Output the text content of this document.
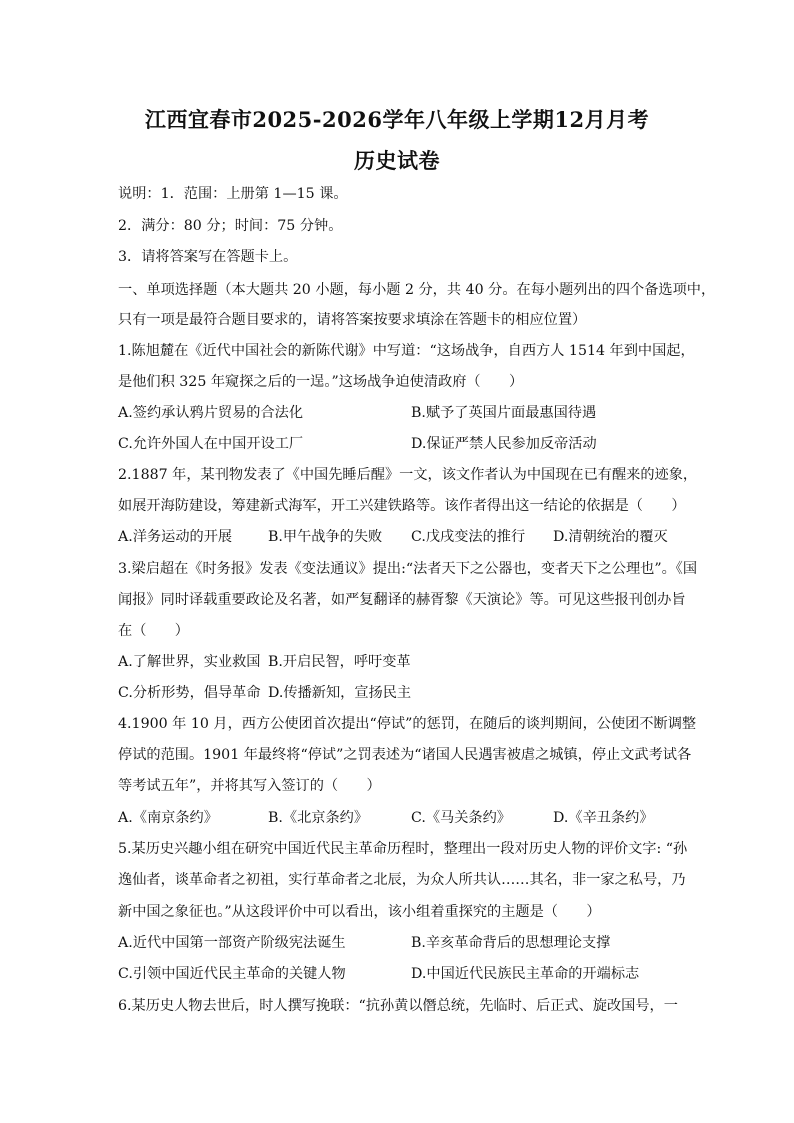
江西宜春市2025-2026学年八年级上学期12月月考
历史试卷
说明：1．范围：上册第 1—15 课。
2．满分：80 分；时间：75 分钟。
3．请将答案写在答题卡上。
一、单项选择题（本大题共 20 小题，每小题 2 分，共 40 分。在每小题列出的四个备选项中，
只有一项是最符合题目要求的，请将答案按要求填涂在答题卡的相应位置）
1.陈旭麓在《近代中国社会的新陈代谢》中写道：“这场战争，自西方人 1514 年到中国起，
是他们积 325 年窥探之后的一逞。”这场战争迫使清政府（　　）
A.签约承认鸦片贸易的合法化	B.赋予了英国片面最惠国待遇
C.允许外国人在中国开设工厂	D.保证严禁人民参加反帝活动
2.1887 年，某刊物发表了《中国先睡后醒》一文，该文作者认为中国现在已有醒来的迹象，
如展开海防建设，筹建新式海军，开工兴建铁路等。该作者得出这一结论的依据是（　　）
A.洋务运动的开展	B.甲午战争的失败 C.戊戌变法的推行 D.清朝统治的覆灭
3.梁启超在《时务报》发表《变法通议》提出:“法者天下之公器也，变者天下之公理也”。《国
闻报》同时译载重要政论及名著，如严复翻译的赫胥黎《天演论》等。可见这些报刊创办旨
在（　　）
A.了解世界，实业救国 B.开启民智，呼吁变革
C.分析形势，倡导革命 D.传播新知，宣扬民主
4.1900 年 10 月，西方公使团首次提出“停试”的惩罚，在随后的谈判期间，公使团不断调整
停试的范围。1901 年最终将“停试”之罚表述为“诸国人民遇害被虐之城镇，停止文武考试各
等考试五年”，并将其写入签订的（　　）
A.《南京条约》	B.《北京条约》	C.《马关条约》	D.《辛丑条约》
5.某历史兴趣小组在研究中国近代民主革命历程时，整理出一段对历史人物的评价文字: “孙
逸仙者，谈革命者之初祖，实行革命者之北辰，为众人所共认……其名，非一家之私号，乃
新中国之象征也。”从这段评价中可以看出，该小组着重探究的主题是（　　）
A.近代中国第一部资产阶级宪法诞生	B.辛亥革命背后的思想理论支撑
C.引领中国近代民主革命的关键人物	D.中国近代民族民主革命的开端标志
6.某历史人物去世后，时人撰写挽联：“抗孙黄以僭总统，先临时、后正式、旋改国号，一
